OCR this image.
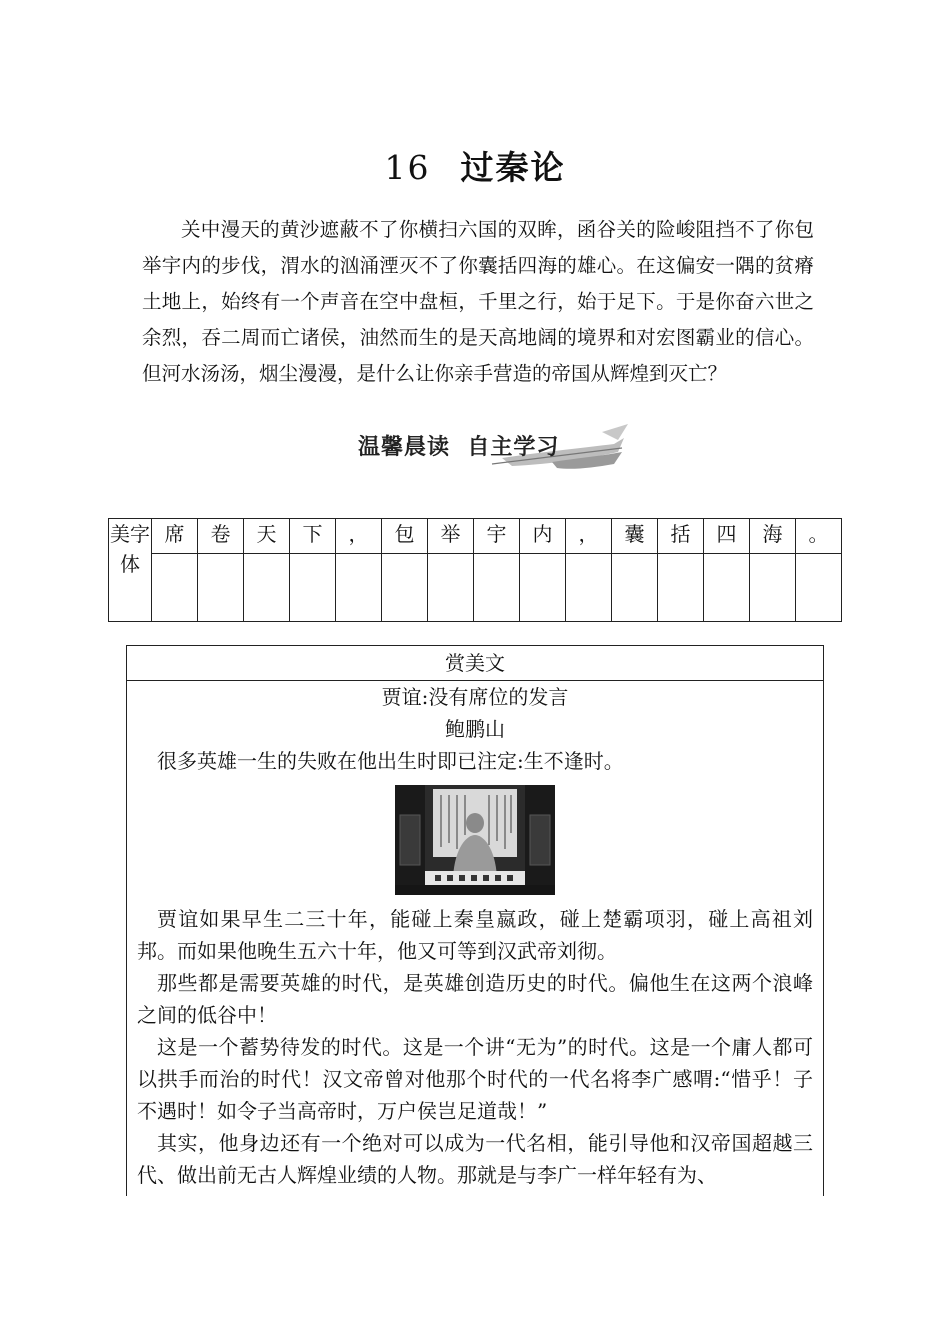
16 过秦论
关中漫天的黄沙遮蔽不了你横扫六国的双眸，函谷关的险峻阻挡不了你包举宇内的步伐，渭水的汹涌湮灭不了你囊括四海的雄心。在这偏安一隅的贫瘠土地上，始终有一个声音在空中盘桓，千里之行，始于足下。于是你奋六世之余烈，吞二周而亡诸侯，油然而生的是天高地阔的境界和对宏图霸业的信心。但河水汤汤，烟尘漫漫，是什么让你亲手营造的帝国从辉煌到灭亡？
温馨晨读  自主学习
美字体	席	卷	天	下	，	包	举	宇	内	，	囊	括	四	海	。

赏美文
贾谊:没有席位的发言
鲍鹏山

很多英雄一生的失败在他出生时即已注定:生不逢时。

贾谊如果早生二三十年，能碰上秦皇嬴政，碰上楚霸项羽，碰上高祖刘邦。而如果他晚生五六十年，他又可等到汉武帝刘彻。

那些都是需要英雄的时代，是英雄创造历史的时代。偏他生在这两个浪峰之间的低谷中！

这是一个蓄势待发的时代。这是一个讲“无为”的时代。这是一个庸人都可以拱手而治的时代！汉文帝曾对他那个时代的一代名将李广感喟:“惜乎！子不遇时！如令子当高帝时，万户侯岂足道哉！”

其实，他身边还有一个绝对可以成为一代名相，能引导他和汉帝国超越三代、做出前无古人辉煌业绩的人物。那就是与李广一样年轻有为、
